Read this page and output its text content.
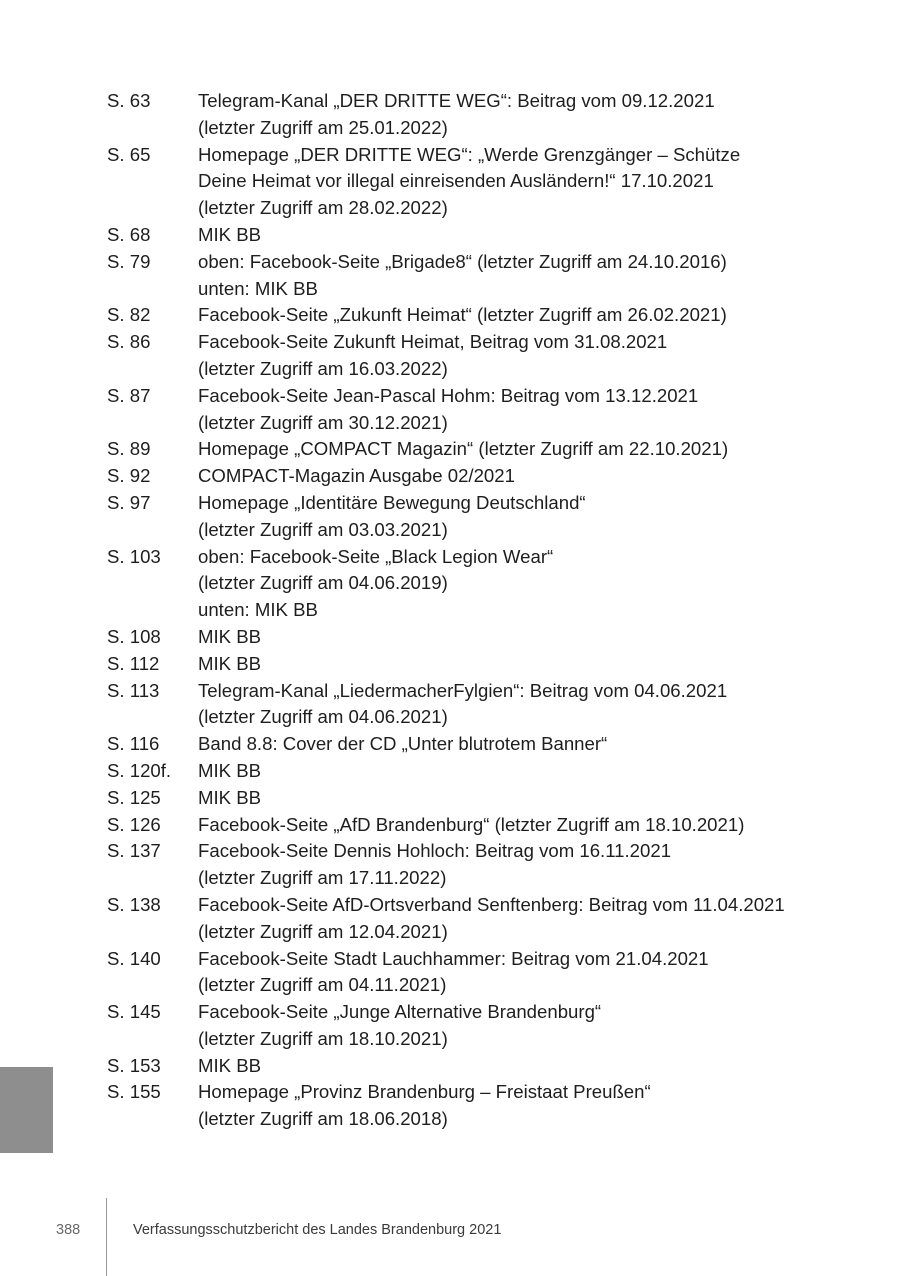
S. 63	Telegram-Kanal „DER DRITTE WEG“: Beitrag vom 09.12.2021
(letzter Zugriff am 25.01.2022)
S. 65	Homepage „DER DRITTE WEG“: „Werde Grenzgänger – Schütze
Deine Heimat vor illegal einreisenden Ausländern!“ 17.10.2021
(letzter Zugriff am 28.02.2022)
S. 68	MIK BB
S. 79	oben: Facebook-Seite „Brigade8“ (letzter Zugriff am 24.10.2016)
unten: MIK BB
S. 82	Facebook-Seite „Zukunft Heimat“ (letzter Zugriff am 26.02.2021)
S. 86	Facebook-Seite Zukunft Heimat, Beitrag vom 31.08.2021
(letzter Zugriff am 16.03.2022)
S. 87	Facebook-Seite Jean-Pascal Hohm: Beitrag vom 13.12.2021
(letzter Zugriff am 30.12.2021)
S. 89	Homepage „COMPACT Magazin“ (letzter Zugriff am 22.10.2021)
S. 92	COMPACT-Magazin Ausgabe 02/2021
S. 97	Homepage „Identitäre Bewegung Deutschland“
(letzter Zugriff am 03.03.2021)
S. 103	oben: Facebook-Seite „Black Legion Wear“
(letzter Zugriff am 04.06.2019)
unten: MIK BB
S. 108	MIK BB
S. 112	MIK BB
S. 113	Telegram-Kanal „LiedermacherFylgien“: Beitrag vom 04.06.2021
(letzter Zugriff am 04.06.2021)
S. 116	Band 8.8: Cover der CD „Unter blutrotem Banner“
S. 120f.	MIK BB
S. 125	MIK BB
S. 126	Facebook-Seite „AfD Brandenburg“ (letzter Zugriff am 18.10.2021)
S. 137	Facebook-Seite Dennis Hohloch: Beitrag vom 16.11.2021
(letzter Zugriff am 17.11.2022)
S. 138	Facebook-Seite AfD-Ortsverband Senftenberg: Beitrag vom 11.04.2021
(letzter Zugriff am 12.04.2021)
S. 140	Facebook-Seite Stadt Lauchhammer: Beitrag vom 21.04.2021
(letzter Zugriff am 04.11.2021)
S. 145	Facebook-Seite „Junge Alternative Brandenburg“
(letzter Zugriff am 18.10.2021)
S. 153	MIK BB
S. 155	Homepage „Provinz Brandenburg – Freistaat Preußen“
(letzter Zugriff am 18.06.2018)
388	Verfassungsschutzbericht des Landes Brandenburg 2021
